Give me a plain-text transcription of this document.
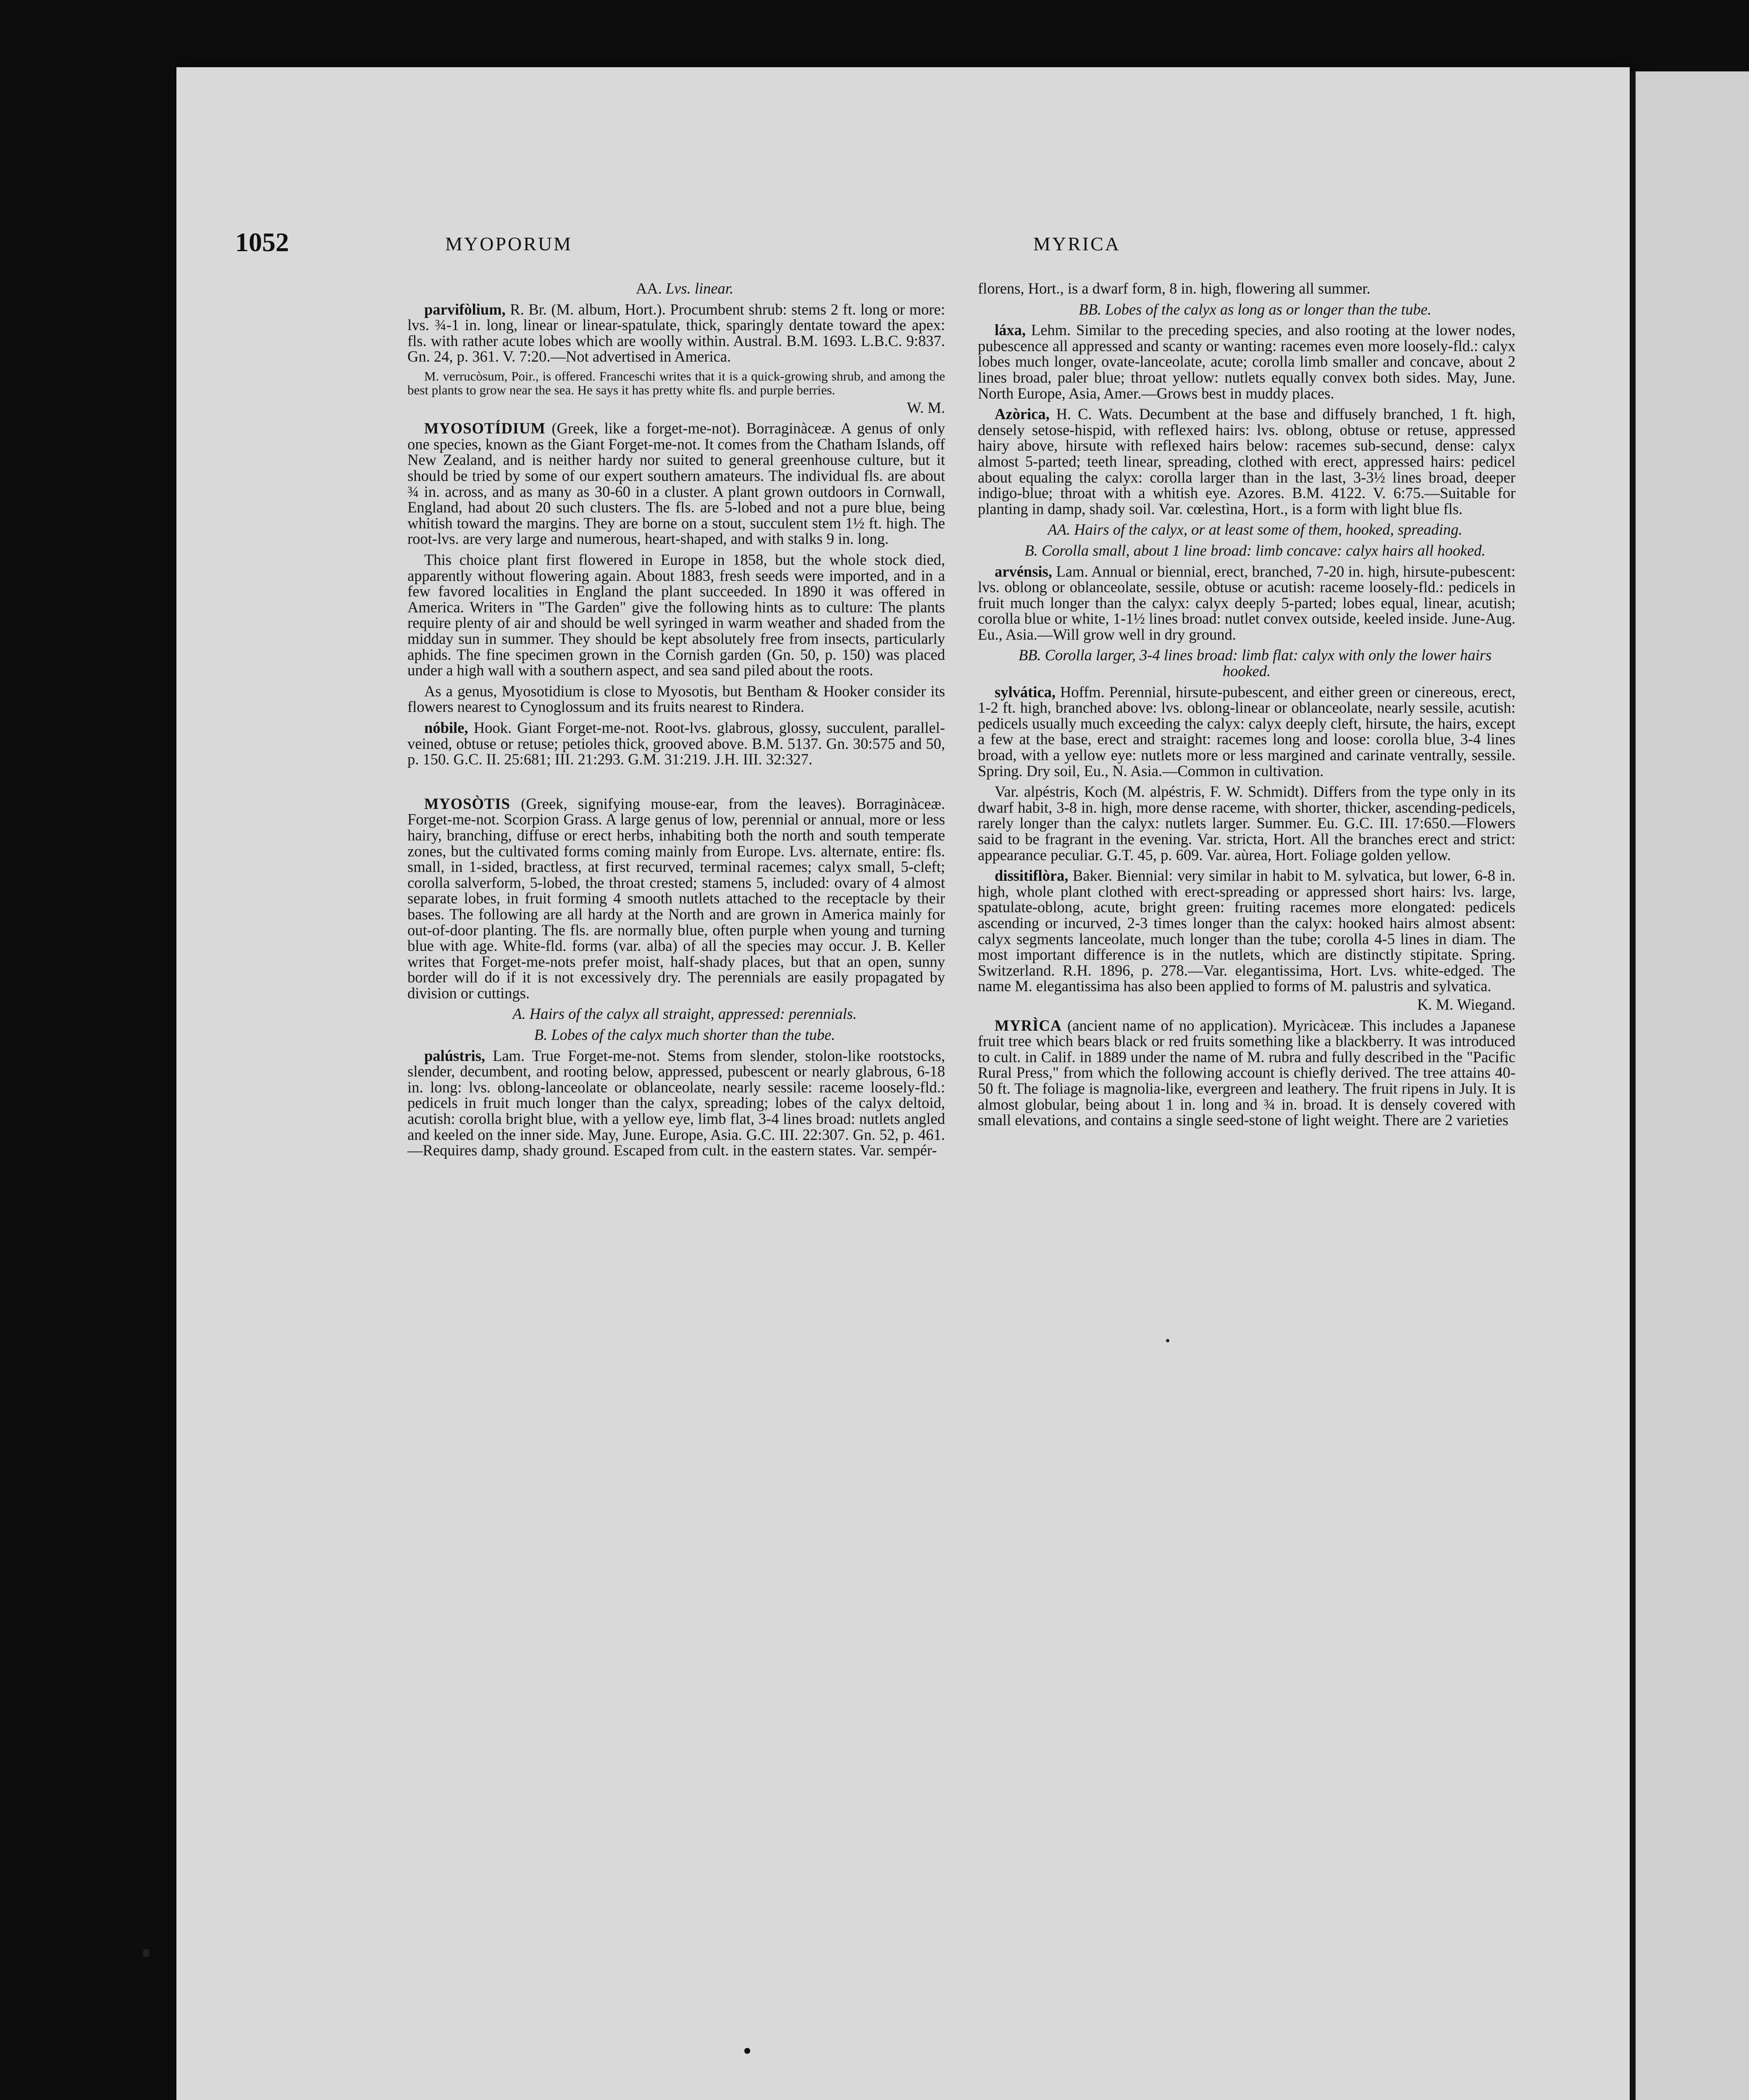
1052	MYOPORUM	MYRICA

AA. Lvs. linear.

parvifòlium, R. Br. (M. album, Hort.). Procumbent shrub: stems 2 ft. long or more: lvs. ¾-1 in. long, linear or linear-spatulate, thick, sparingly dentate toward the apex: fls. with rather acute lobes which are woolly within. Austral. B.M. 1693. L.B.C. 9:837. Gn. 24, p. 361. V. 7:20.—Not advertised in America.

M. verrucòsum, Poir., is offered. Franceschi writes that it is a quick-growing shrub, and among the best plants to grow near the sea. He says it has pretty white fls. and purple berries.

W. M.

MYOSOTÍDIUM (Greek, like a forget-me-not). Borraginàceæ. A genus of only one species, known as the Giant Forget-me-not. It comes from the Chatham Islands, off New Zealand, and is neither hardy nor suited to general greenhouse culture, but it should be tried by some of our expert southern amateurs. The individual fls. are about ¾ in. across, and as many as 30-60 in a cluster. A plant grown outdoors in Cornwall, England, had about 20 such clusters. The fls. are 5-lobed and not a pure blue, being whitish toward the margins. They are borne on a stout, succulent stem 1½ ft. high. The root-lvs. are very large and numerous, heart-shaped, and with stalks 9 in. long.

This choice plant first flowered in Europe in 1858, but the whole stock died, apparently without flowering again. About 1883, fresh seeds were imported, and in a few favored localities in England the plant succeeded. In 1890 it was offered in America. Writers in "The Garden" give the following hints as to culture: The plants require plenty of air and should be well syringed in warm weather and shaded from the midday sun in summer. They should be kept absolutely free from insects, particularly aphids. The fine specimen grown in the Cornish garden (Gn. 50, p. 150) was placed under a high wall with a southern aspect, and sea sand piled about the roots.

As a genus, Myosotidium is close to Myosotis, but Bentham & Hooker consider its flowers nearest to Cynoglossum and its fruits nearest to Rindera.

nóbile, Hook. Giant Forget-me-not. Root-lvs. glabrous, glossy, succulent, parallel-veined, obtuse or retuse; petioles thick, grooved above. B.M. 5137. Gn. 30:575 and 50, p. 150. G.C. II. 25:681; III. 21:293. G.M. 31:219. J.H. III. 32:327.

MYOSÒTIS (Greek, signifying mouse-ear, from the leaves). Borraginàceæ. Forget-me-not. Scorpion Grass. A large genus of low, perennial or annual, more or less hairy, branching, diffuse or erect herbs, inhabiting both the north and south temperate zones, but the cultivated forms coming mainly from Europe. Lvs. alternate, entire: fls. small, in 1-sided, bractless, at first recurved, terminal racemes; calyx small, 5-cleft; corolla salverform, 5-lobed, the throat crested; stamens 5, included: ovary of 4 almost separate lobes, in fruit forming 4 smooth nutlets attached to the receptacle by their bases. The following are all hardy at the North and are grown in America mainly for out-of-door planting. The fls. are normally blue, often purple when young and turning blue with age. White-fld. forms (var. alba) of all the species may occur. J. B. Keller writes that Forget-me-nots prefer moist, half-shady places, but that an open, sunny border will do if it is not excessively dry. The perennials are easily propagated by division or cuttings.

A. Hairs of the calyx all straight, appressed: perennials.

B. Lobes of the calyx much shorter than the tube.

palústris, Lam. True Forget-me-not. Stems from slender, stolon-like rootstocks, slender, decumbent, and rooting below, appressed, pubescent or nearly glabrous, 6-18 in. long: lvs. oblong-lanceolate or oblanceolate, nearly sessile: raceme loosely-fld.: pedicels in fruit much longer than the calyx, spreading; lobes of the calyx deltoid, acutish: corolla bright blue, with a yellow eye, limb flat, 3-4 lines broad: nutlets angled and keeled on the inner side. May, June. Europe, Asia. G.C. III. 22:307. Gn. 52, p. 461.—Requires damp, shady ground. Escaped from cult. in the eastern states. Var. sempér-

florens, Hort., is a dwarf form, 8 in. high, flowering all summer.

BB. Lobes of the calyx as long as or longer than the tube.

láxa, Lehm. Similar to the preceding species, and also rooting at the lower nodes, pubescence all appressed and scanty or wanting: racemes even more loosely-fld.: calyx lobes much longer, ovate-lanceolate, acute; corolla limb smaller and concave, about 2 lines broad, paler blue; throat yellow: nutlets equally convex both sides. May, June. North Europe, Asia, Amer.—Grows best in muddy places.

Azòrica, H. C. Wats. Decumbent at the base and diffusely branched, 1 ft. high, densely setose-hispid, with reflexed hairs: lvs. oblong, obtuse or retuse, appressed hairy above, hirsute with reflexed hairs below: racemes sub-secund, dense: calyx almost 5-parted; teeth linear, spreading, clothed with erect, appressed hairs: pedicel about equaling the calyx: corolla larger than in the last, 3-3½ lines broad, deeper indigo-blue; throat with a whitish eye. Azores. B.M. 4122. V. 6:75.—Suitable for planting in damp, shady soil. Var. cœlestìna, Hort., is a form with light blue fls.

AA. Hairs of the calyx, or at least some of them, hooked, spreading.

B. Corolla small, about 1 line broad: limb concave: calyx hairs all hooked.

arvénsis, Lam. Annual or biennial, erect, branched, 7-20 in. high, hirsute-pubescent: lvs. oblong or oblanceolate, sessile, obtuse or acutish: raceme loosely-fld.: pedicels in fruit much longer than the calyx: calyx deeply 5-parted; lobes equal, linear, acutish; corolla blue or white, 1-1½ lines broad: nutlet convex outside, keeled inside. June-Aug. Eu., Asia.—Will grow well in dry ground.

BB. Corolla larger, 3-4 lines broad: limb flat: calyx with only the lower hairs hooked.

sylvática, Hoffm. Perennial, hirsute-pubescent, and either green or cinereous, erect, 1-2 ft. high, branched above: lvs. oblong-linear or oblanceolate, nearly sessile, acutish: pedicels usually much exceeding the calyx: calyx deeply cleft, hirsute, the hairs, except a few at the base, erect and straight: racemes long and loose: corolla blue, 3-4 lines broad, with a yellow eye: nutlets more or less margined and carinate ventrally, sessile. Spring. Dry soil, Eu., N. Asia.—Common in cultivation.

Var. alpéstris, Koch (M. alpéstris, F. W. Schmidt). Differs from the type only in its dwarf habit, 3-8 in. high, more dense raceme, with shorter, thicker, ascending-pedicels, rarely longer than the calyx: nutlets larger. Summer. Eu. G.C. III. 17:650.—Flowers said to be fragrant in the evening. Var. stricta, Hort. All the branches erect and strict: appearance peculiar. G.T. 45, p. 609. Var. aùrea, Hort. Foliage golden yellow.

dissitiflòra, Baker. Biennial: very similar in habit to M. sylvatica, but lower, 6-8 in. high, whole plant clothed with erect-spreading or appressed short hairs: lvs. large, spatulate-oblong, acute, bright green: fruiting racemes more elongated: pedicels ascending or incurved, 2-3 times longer than the calyx: hooked hairs almost absent: calyx segments lanceolate, much longer than the tube; corolla 4-5 lines in diam. The most important difference is in the nutlets, which are distinctly stipitate. Spring. Switzerland. R.H. 1896, p. 278.—Var. elegantissima, Hort. Lvs. white-edged. The name M. elegantissima has also been applied to forms of M. palustris and sylvatica.

K. M. Wiegand.

MYRÌCA (ancient name of no application). Myricàceæ. This includes a Japanese fruit tree which bears black or red fruits something like a blackberry. It was introduced to cult. in Calif. in 1889 under the name of M. rubra and fully described in the "Pacific Rural Press," from which the following account is chiefly derived. The tree attains 40-50 ft. The foliage is magnolia-like, evergreen and leathery. The fruit ripens in July. It is almost globular, being about 1 in. long and ¾ in. broad. It is densely covered with small elevations, and contains a single seed-stone of light weight. There are 2 varieties
